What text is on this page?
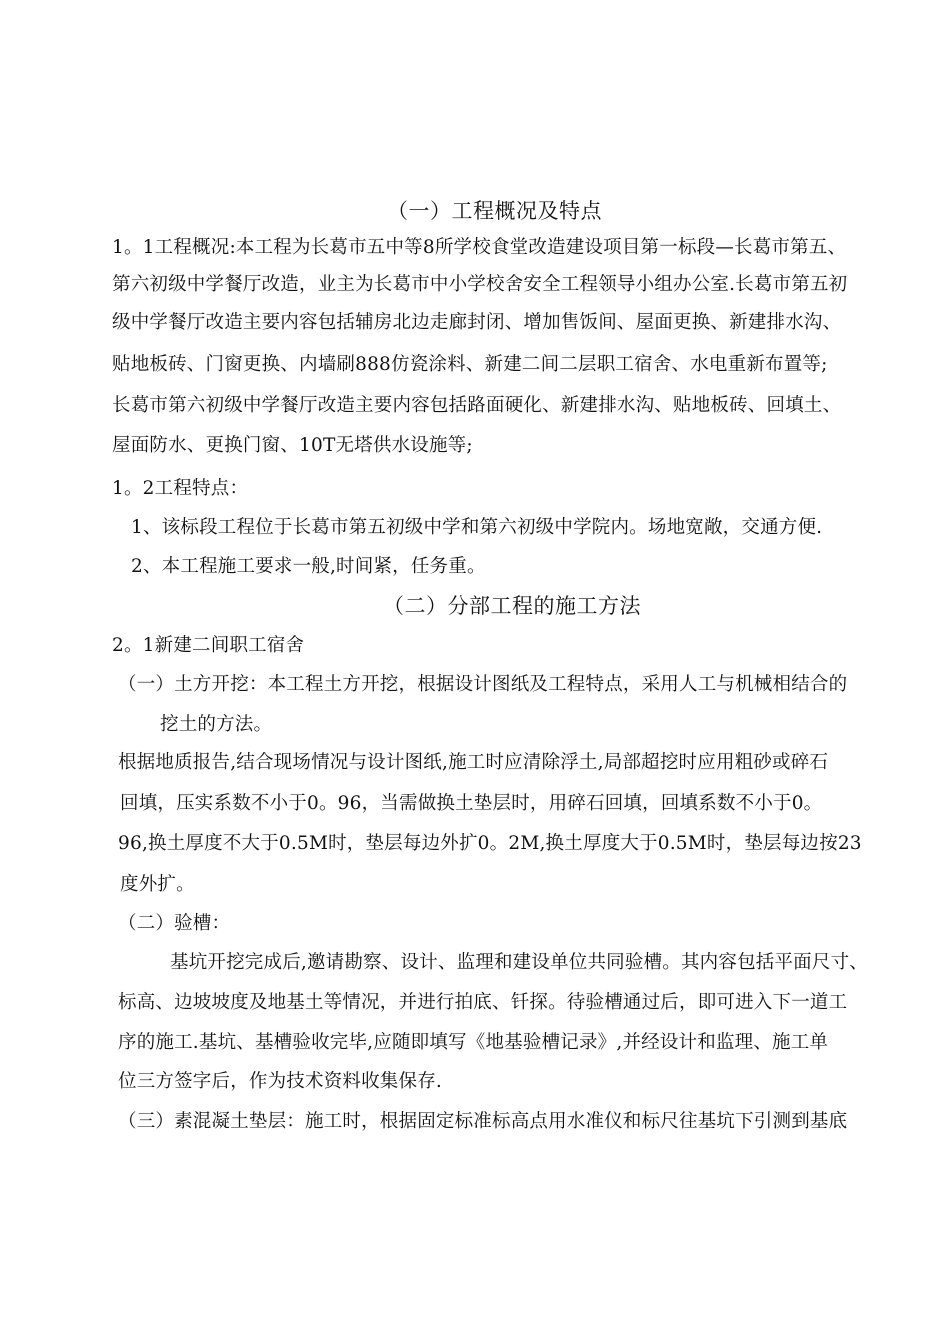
（一）工程概况及特点
1。1工程概况:本工程为长葛市五中等8所学校食堂改造建设项目第一标段—长葛市第五、
第六初级中学餐厅改造，业主为长葛市中小学校舍安全工程领导小组办公室.长葛市第五初
级中学餐厅改造主要内容包括辅房北边走廊封闭、增加售饭间、屋面更换、新建排水沟、
贴地板砖、门窗更换、内墙刷888仿瓷涂料、新建二间二层职工宿舍、水电重新布置等;
长葛市第六初级中学餐厅改造主要内容包括路面硬化、新建排水沟、贴地板砖、回填土、
屋面防水、更换门窗、10T无塔供水设施等;
1。2工程特点：
1、该标段工程位于长葛市第五初级中学和第六初级中学院内。场地宽敞，交通方便.
2、本工程施工要求一般,时间紧，任务重。
（二）分部工程的施工方法
2。1新建二间职工宿舍
（一）土方开挖：本工程土方开挖，根据设计图纸及工程特点，采用人工与机械相结合的
挖土的方法。
根据地质报告,结合现场情况与设计图纸,施工时应清除浮土,局部超挖时应用粗砂或碎石
回填，压实系数不小于0。96，当需做换土垫层时，用碎石回填，回填系数不小于0。
96,换土厚度不大于0.5M时，垫层每边外扩0。2M,换土厚度大于0.5M时，垫层每边按23
度外扩。
（二）验槽：
基坑开挖完成后,邀请勘察、设计、监理和建设单位共同验槽。其内容包括平面尺寸、
标高、边坡坡度及地基土等情况，并进行拍底、钎探。待验槽通过后，即可进入下一道工
序的施工.基坑、基槽验收完毕,应随即填写《地基验槽记录》,并经设计和监理、施工单
位三方签字后，作为技术资料收集保存.
（三）素混凝土垫层：施工时，根据固定标准标高点用水准仪和标尺往基坑下引测到基底
